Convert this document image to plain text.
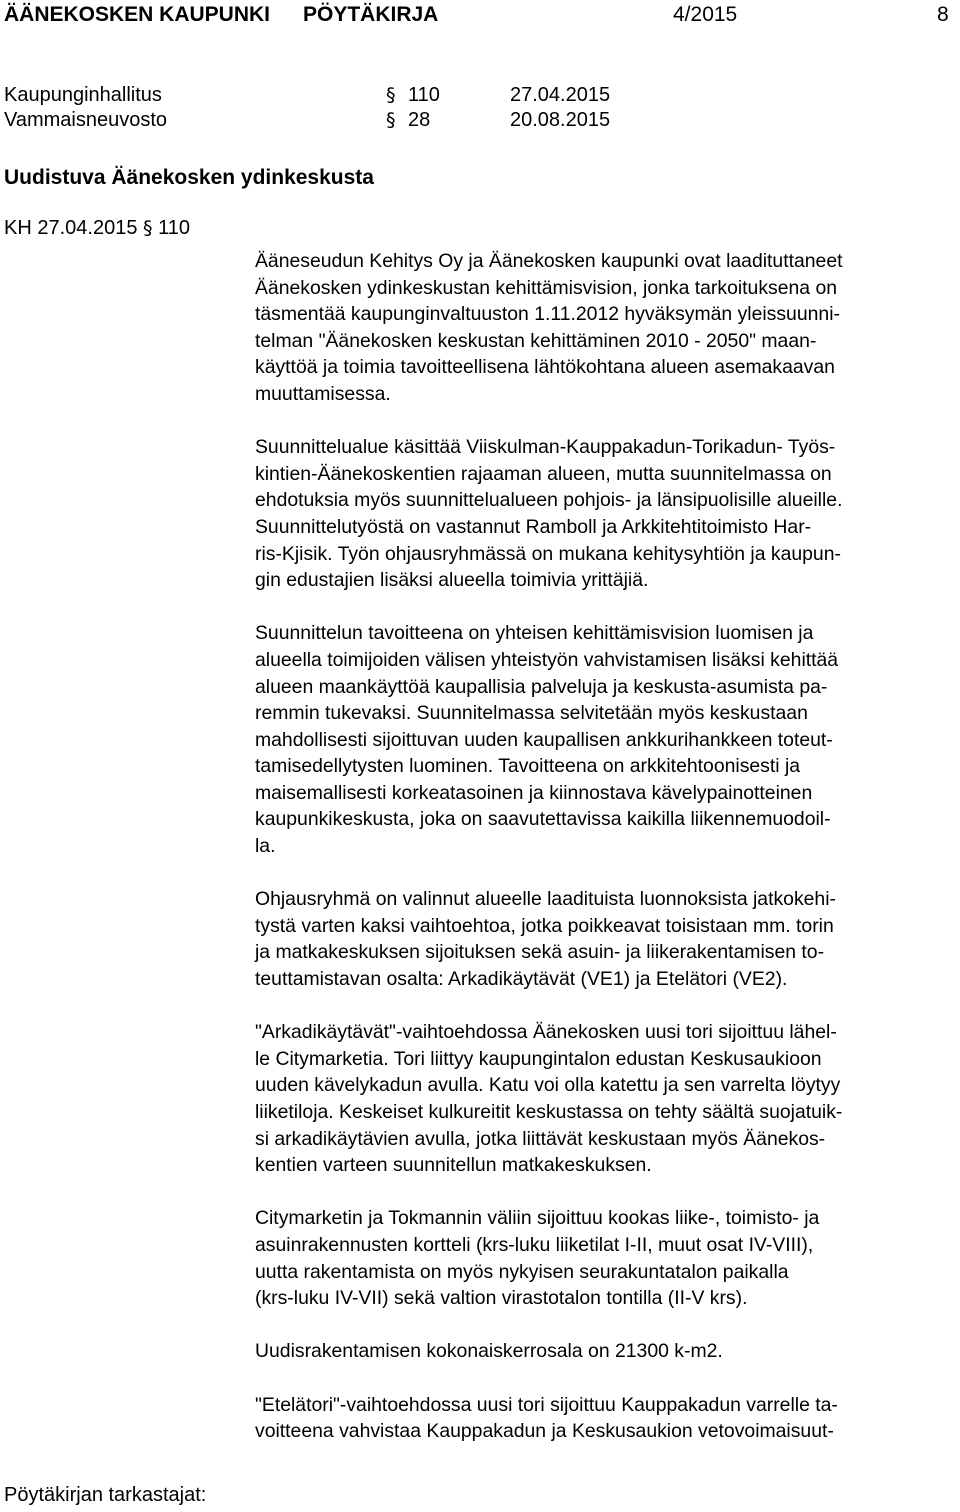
ÄÄNEKOSKEN KAUPUNKI PÖYTÄKIRJA	4/2015	8
Kaupunginhallitus	§ 110	27.04.2015
Vammaisneuvosto	§ 28	20.08.2015
Uudistuva Äänekosken ydinkeskusta
KH 27.04.2015 § 110
Ääneseudun Kehitys Oy ja Äänekosken kaupunki ovat laadituttaneet
Äänekosken ydinkeskustan kehittämisvision, jonka tarkoituksena on
täsmentää kaupunginvaltuuston 1.11.2012 hyväksymän yleissuunni-
telman "Äänekosken keskustan kehittäminen 2010 - 2050" maan-
käyttöä ja toimia tavoitteellisena lähtökohtana alueen asemakaavan
muuttamisessa.
Suunnittelualue käsittää Viiskulman-Kauppakadun-Torikadun- Työs-
kintien-Äänekoskentien rajaaman alueen, mutta suunnitelmassa on
ehdotuksia myös suunnittelualueen pohjois- ja länsipuolisille alueille.
Suunnittelutyöstä on vastannut Ramboll ja Arkkitehtitoimisto Har-
ris-Kjisik. Työn ohjausryhmässä on mukana kehitysyhtiön ja kaupun-
gin edustajien lisäksi alueella toimivia yrittäjiä.
Suunnittelun tavoitteena on yhteisen kehittämisvision luomisen ja
alueella toimijoiden välisen yhteistyön vahvistamisen lisäksi kehittää
alueen maankäyttöä kaupallisia palveluja ja keskusta-asumista pa-
remmin tukevaksi. Suunnitelmassa selvitetään myös keskustaan
mahdollisesti sijoittuvan uuden kaupallisen ankkurihankkeen toteut-
tamisedellytysten luominen. Tavoitteena on arkkitehtoonisesti ja
maisemallisesti korkeatasoinen ja kiinnostava kävelypainotteinen
kaupunkikeskusta, joka on saavutettavissa kaikilla liikennemuodoil-
la.
Ohjausryhmä on valinnut alueelle laadituista luonnoksista jatkokehi-
tystä varten kaksi vaihtoehtoa, jotka poikkeavat toisistaan mm. torin
ja matkakeskuksen sijoituksen sekä asuin- ja liikerakentamisen to-
teuttamistavan osalta: Arkadikäytävät (VE1) ja Etelätori (VE2).
"Arkadikäytävät"-vaihtoehdossa Äänekosken uusi tori sijoittuu lähel-
le Citymarketia. Tori liittyy kaupungintalon edustan Keskusaukioon
uuden kävelykadun avulla. Katu voi olla katettu ja sen varrelta löytyy
liiketiloja. Keskeiset kulkureitit keskustassa on tehty säältä suojatuik-
si arkadikäytävien avulla, jotka liittävät keskustaan myös Äänekos-
kentien varteen suunnitellun matkakeskuksen.
Citymarketin ja Tokmannin väliin sijoittuu kookas liike-, toimisto- ja
asuinrakennusten kortteli (krs-luku liiketilat I-II, muut osat IV-VIII),
uutta rakentamista on myös nykyisen seurakuntatalon paikalla
(krs-luku IV-VII) sekä valtion virastotalon tontilla (II-V krs).
Uudisrakentamisen kokonaiskerrosala on 21300 k-m2.
"Etelätori"-vaihtoehdossa uusi tori sijoittuu Kauppakadun varrelle ta-
voitteena vahvistaa Kauppakadun ja Keskusaukion vetovoimaisuut-
Pöytäkirjan tarkastajat:
